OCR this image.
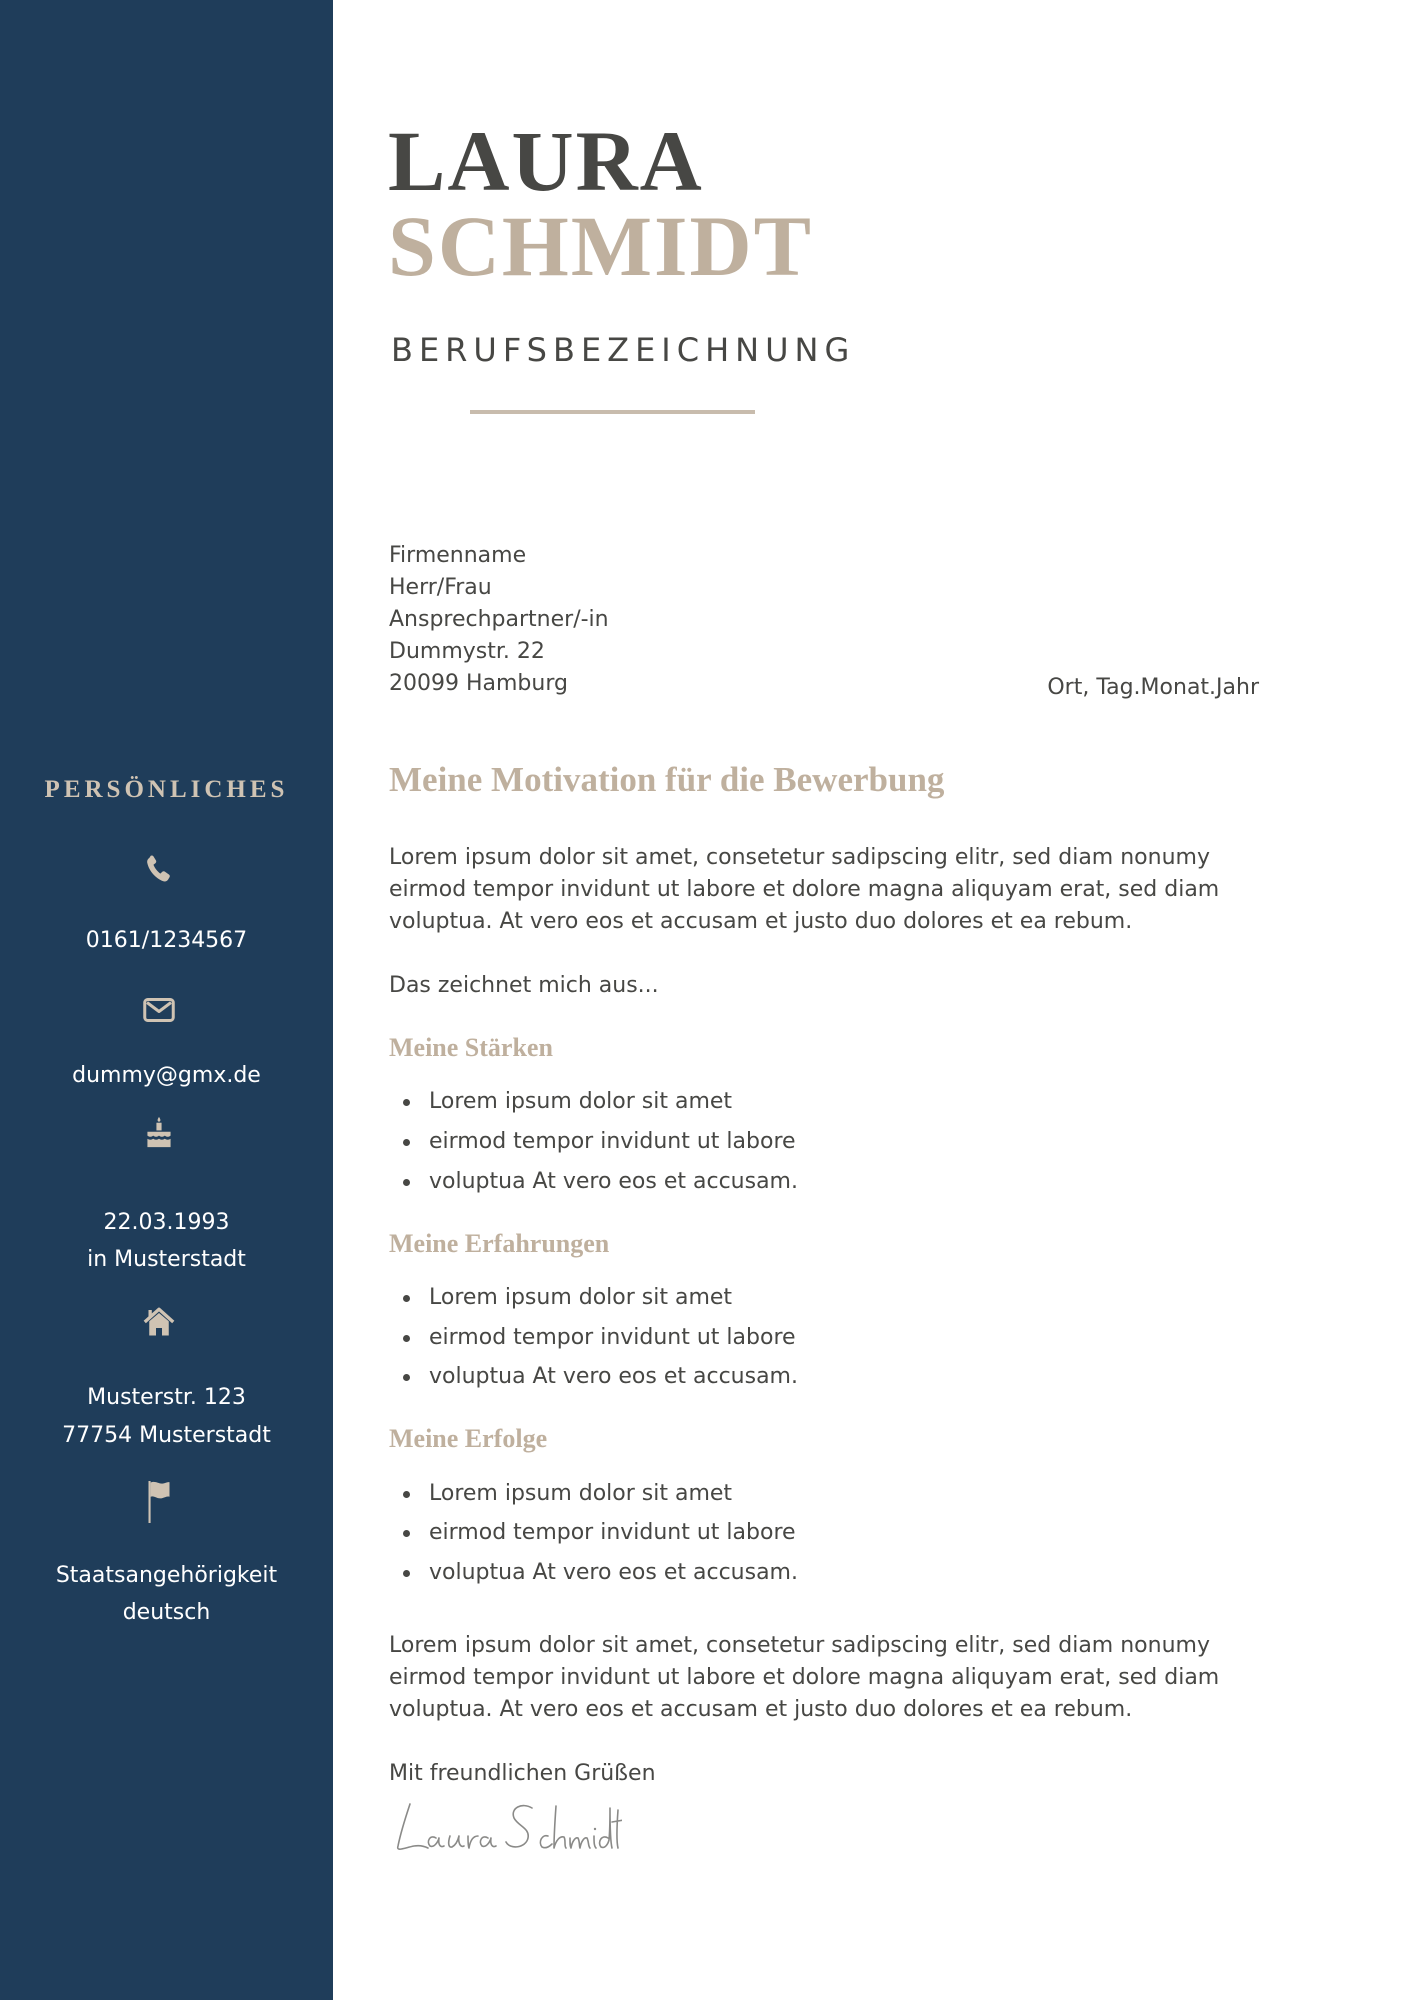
LAURA
SCHMIDT
BERUFSBEZEICHNUNG
Firmenname
Herr/Frau
Ansprechpartner/-in
Dummystr. 22
20099 Hamburg	Ort, Tag.Monat.Jahr
Meine Motivation für die Bewerbung
Lorem ipsum dolor sit amet, consetetur sadipscing elitr, sed diam nonumy
eirmod tempor invidunt ut labore et dolore magna aliquyam erat, sed diam
voluptua. At vero eos et accusam et justo duo dolores et ea rebum.
Das zeichnet mich aus...
Meine Stärken
Lorem ipsum dolor sit amet
eirmod tempor invidunt ut labore
voluptua At vero eos et accusam.
Meine Erfahrungen
Lorem ipsum dolor sit amet
eirmod tempor invidunt ut labore
voluptua At vero eos et accusam.
Meine Erfolge
Lorem ipsum dolor sit amet
eirmod tempor invidunt ut labore
voluptua At vero eos et accusam.
Lorem ipsum dolor sit amet, consetetur sadipscing elitr, sed diam nonumy
eirmod tempor invidunt ut labore et dolore magna aliquyam erat, sed diam
voluptua. At vero eos et accusam et justo duo dolores et ea rebum.
Mit freundlichen Grüßen
PERSÖNLICHES
0161/1234567
dummy@gmx.de
22.03.1993
in Musterstadt
Musterstr. 123
77754 Musterstadt
Staatsangehörigkeit
deutsch
